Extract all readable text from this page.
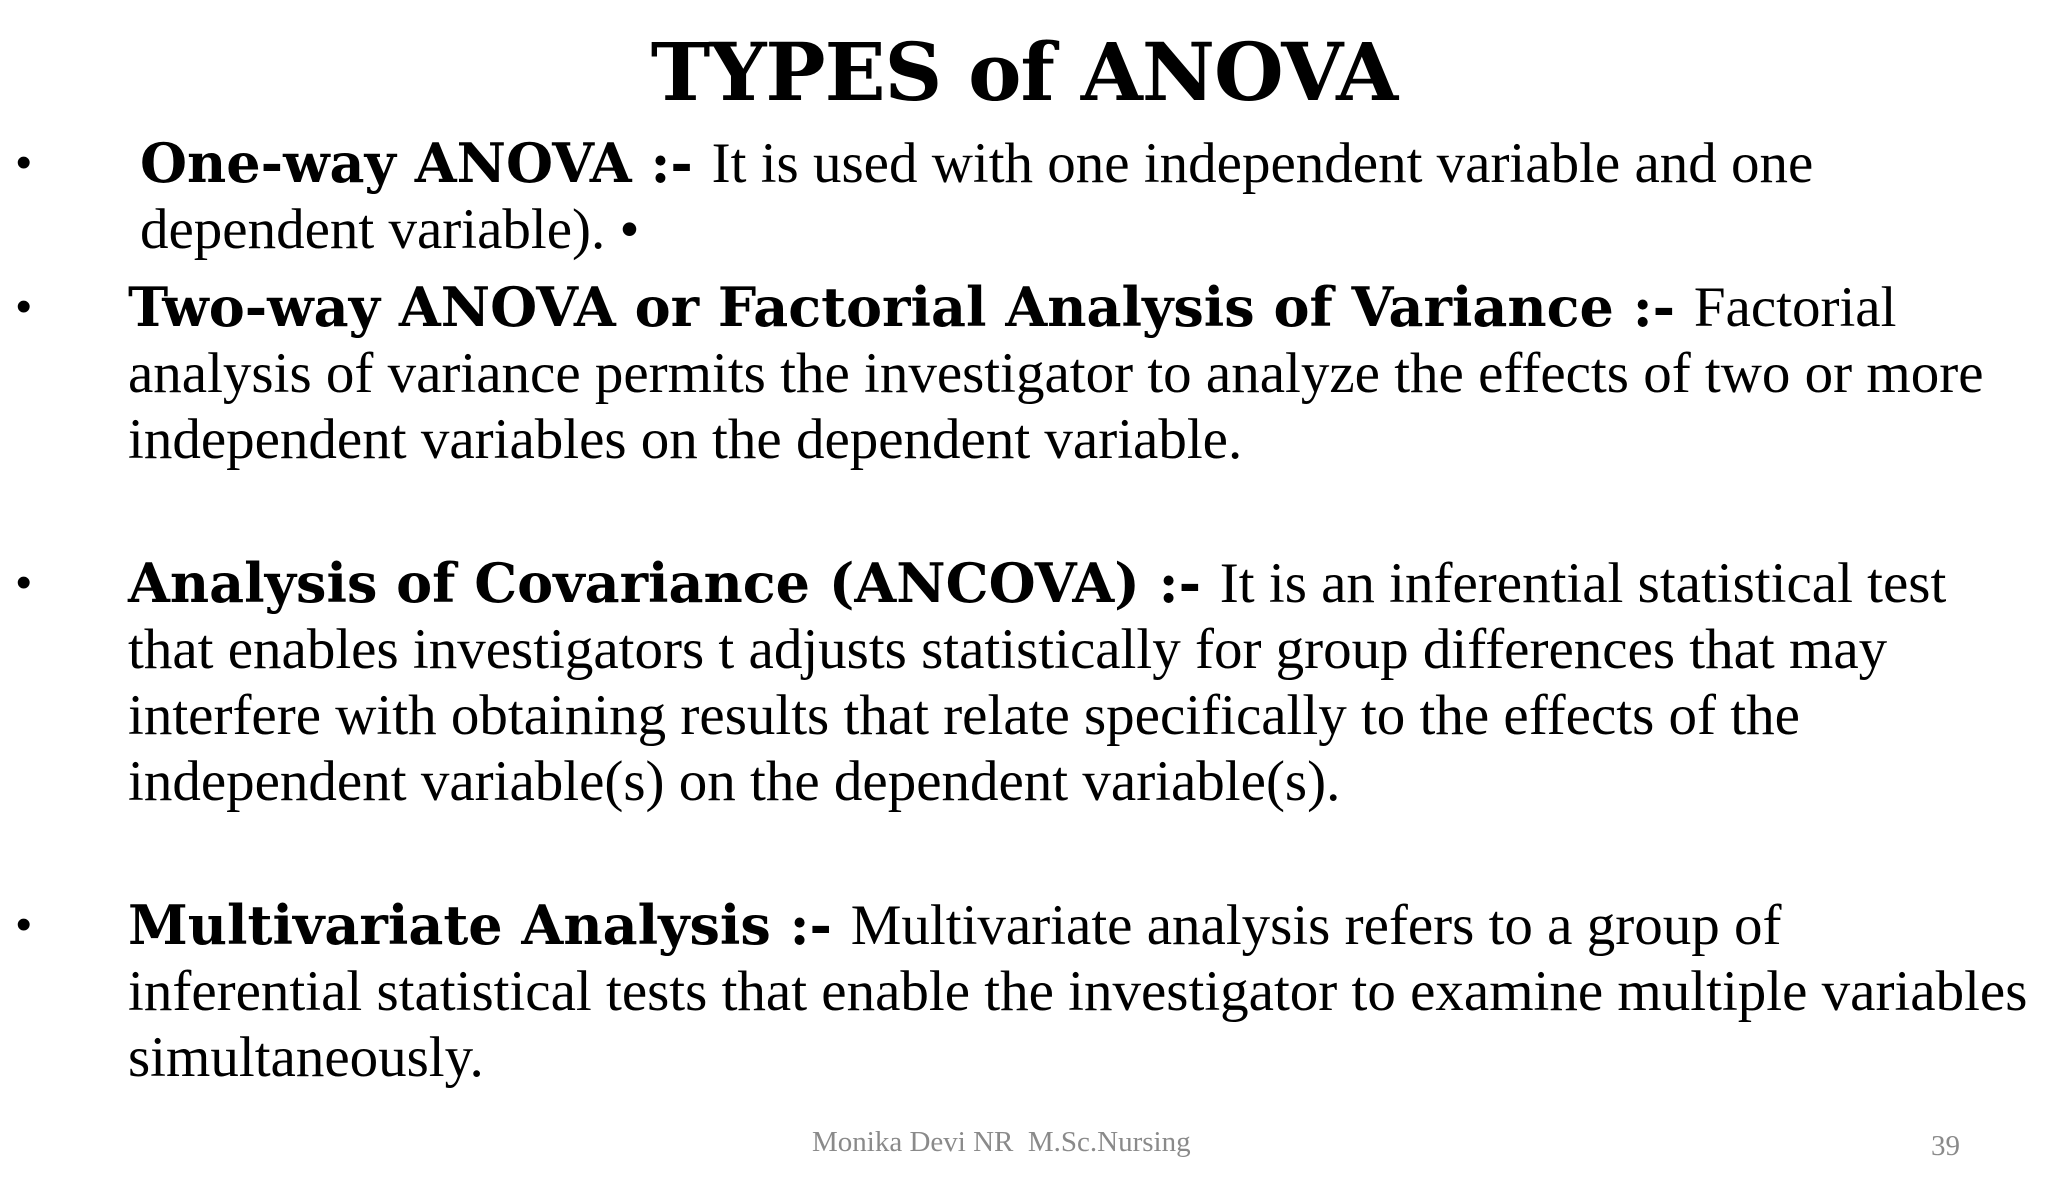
TYPES of ANOVA
• One-way ANOVA :- It is used with one independent variable and one dependent variable). •
• Two-way ANOVA or Factorial Analysis of Variance :- Factorial analysis of variance permits the investigator to analyze the effects of two or more independent variables on the dependent variable.
• Analysis of Covariance (ANCOVA) :- It is an inferential statistical test that enables investigators t adjusts statistically for group differences that may interfere with obtaining results that relate specifically to the effects of the independent variable(s) on the dependent variable(s).
• Multivariate Analysis :- Multivariate analysis refers to a group of inferential statistical tests that enable the investigator to examine multiple variables simultaneously.
Monika Devi NR  M.Sc.Nursing	39
